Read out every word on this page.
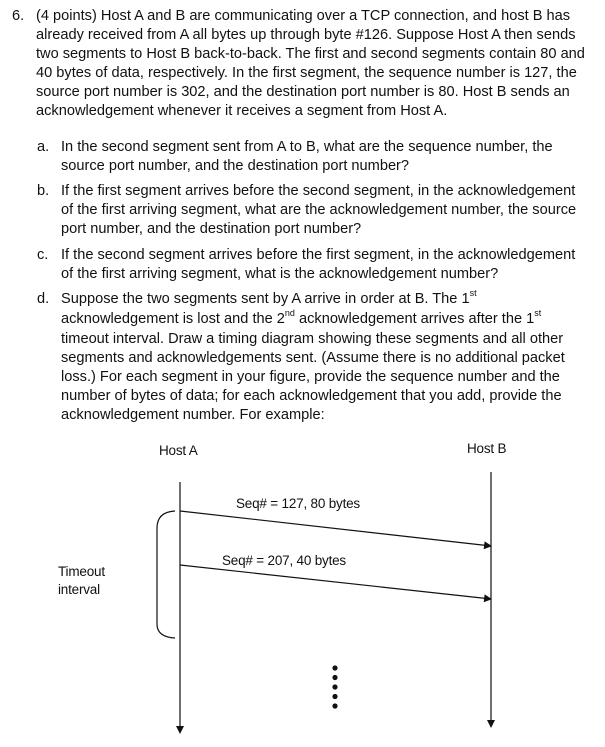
6. (4 points) Host A and B are communicating over a TCP connection, and host B has
already received from A all bytes up through byte #126. Suppose Host A then sends
two segments to Host B back-to-back. The first and second segments contain 80 and
40 bytes of data, respectively. In the first segment, the sequence number is 127, the
source port number is 302, and the destination port number is 80. Host B sends an
acknowledgement whenever it receives a segment from Host A.
a. In the second segment sent from A to B, what are the sequence number, the
source port number, and the destination port number?
b. If the first segment arrives before the second segment, in the acknowledgement
of the first arriving segment, what are the acknowledgement number, the source
port number, and the destination port number?
c. If the second segment arrives before the first segment, in the acknowledgement
of the first arriving segment, what is the acknowledgement number?
d. Suppose the two segments sent by A arrive in order at B. The 1st
acknowledgement is lost and the 2nd acknowledgement arrives after the 1st
timeout interval. Draw a timing diagram showing these segments and all other
segments and acknowledgements sent. (Assume there is no additional packet
loss.) For each segment in your figure, provide the sequence number and the
number of bytes of data; for each acknowledgement that you add, provide the
acknowledgement number. For example:
Host A	Host B
Seq# = 127, 80 bytes
Seq# = 207, 40 bytes
Timeout
interval
